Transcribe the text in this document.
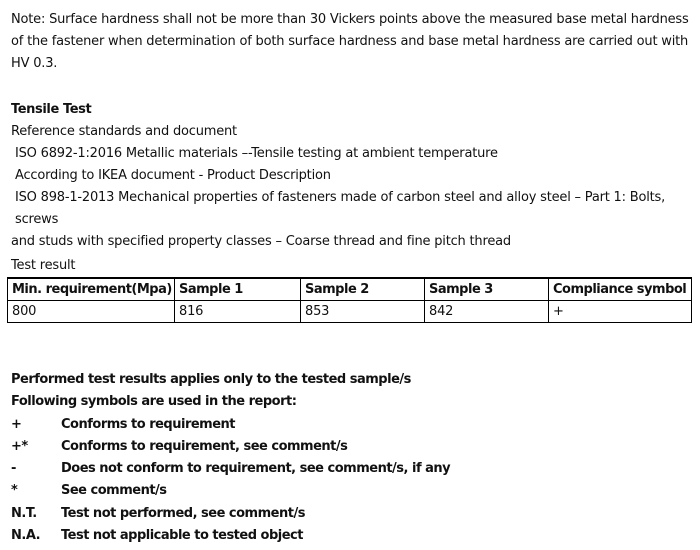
Note: Surface hardness shall not be more than 30 Vickers points above the measured base metal hardness of the fastener when determination of both surface hardness and base metal hardness are carried out with HV 0.3.
Tensile Test
Reference standards and document
ISO 6892-1:2016 Metallic materials –-Tensile testing at ambient temperature
According to IKEA document - Product Description
ISO 898-1-2013 Mechanical properties of fasteners made of carbon steel and alloy steel – Part 1: Bolts, screws
and studs with specified property classes – Coarse thread and fine pitch thread
Test result
Min. requirement(Mpa)	Sample 1	Sample 2	Sample 3	Compliance symbol
800	816	853	842	+
Performed test results applies only to the tested sample/s
Following symbols are used in the report:
+	Conforms to requirement
+*	Conforms to requirement, see comment/s
-	Does not conform to requirement, see comment/s, if any
*	See comment/s
N.T.	Test not performed, see comment/s
N.A.	Test not applicable to tested object
